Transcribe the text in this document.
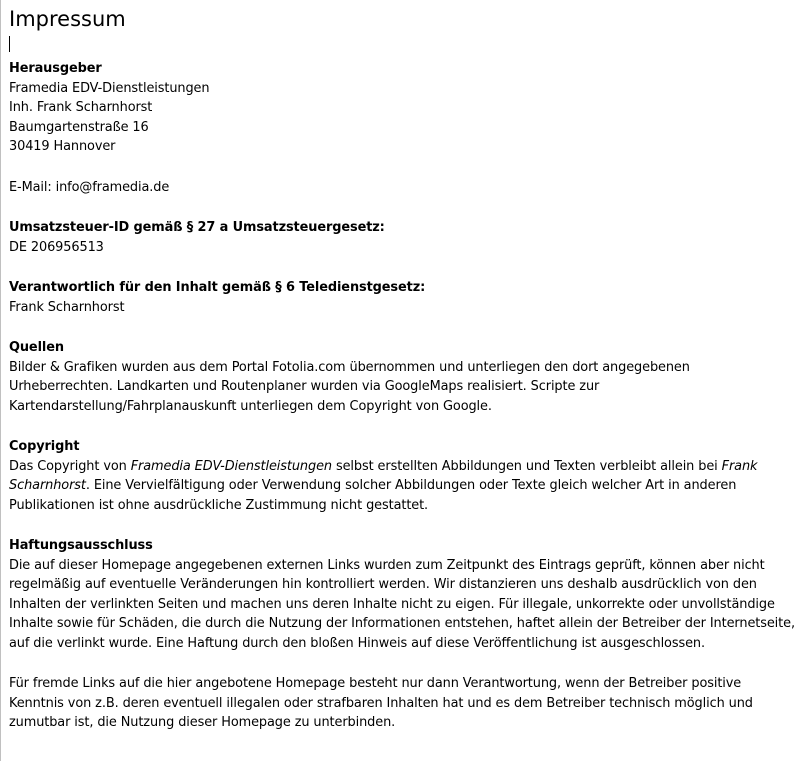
Impressum
Herausgeber
Framedia EDV-Dienstleistungen
Inh. Frank Scharnhorst
Baumgartenstraße 16
30419 Hannover
E-Mail: info@framedia.de
Umsatzsteuer-ID gemäß § 27 a Umsatzsteuergesetz:
DE 206956513
Verantwortlich für den Inhalt gemäß § 6 Teledienstgesetz:
Frank Scharnhorst
Quellen
Bilder & Grafiken wurden aus dem Portal Fotolia.com übernommen und unterliegen den dort angegebenen Urheberrechten. Landkarten und Routenplaner wurden via GoogleMaps realisiert. Scripte zur Kartendarstellung/Fahrplanauskunft unterliegen dem Copyright von Google.
Copyright
Das Copyright von Framedia EDV-Dienstleistungen selbst erstellten Abbildungen und Texten verbleibt allein bei Frank Scharnhorst. Eine Vervielfältigung oder Verwendung solcher Abbildungen oder Texte gleich welcher Art in anderen Publikationen ist ohne ausdrückliche Zustimmung nicht gestattet.
Haftungsausschluss
Die auf dieser Homepage angegebenen externen Links wurden zum Zeitpunkt des Eintrags geprüft, können aber nicht regelmäßig auf eventuelle Veränderungen hin kontrolliert werden. Wir distanzieren uns deshalb ausdrücklich von den Inhalten der verlinkten Seiten und machen uns deren Inhalte nicht zu eigen. Für illegale, unkorrekte oder unvollständige Inhalte sowie für Schäden, die durch die Nutzung der Informationen entstehen, haftet allein der Betreiber der Internetseite, auf die verlinkt wurde. Eine Haftung durch den bloßen Hinweis auf diese Veröffentlichung ist ausgeschlossen.
Für fremde Links auf die hier angebotene Homepage besteht nur dann Verantwortung, wenn der Betreiber positive Kenntnis von z.B. deren eventuell illegalen oder strafbaren Inhalten hat und es dem Betreiber technisch möglich und zumutbar ist, die Nutzung dieser Homepage zu unterbinden.
